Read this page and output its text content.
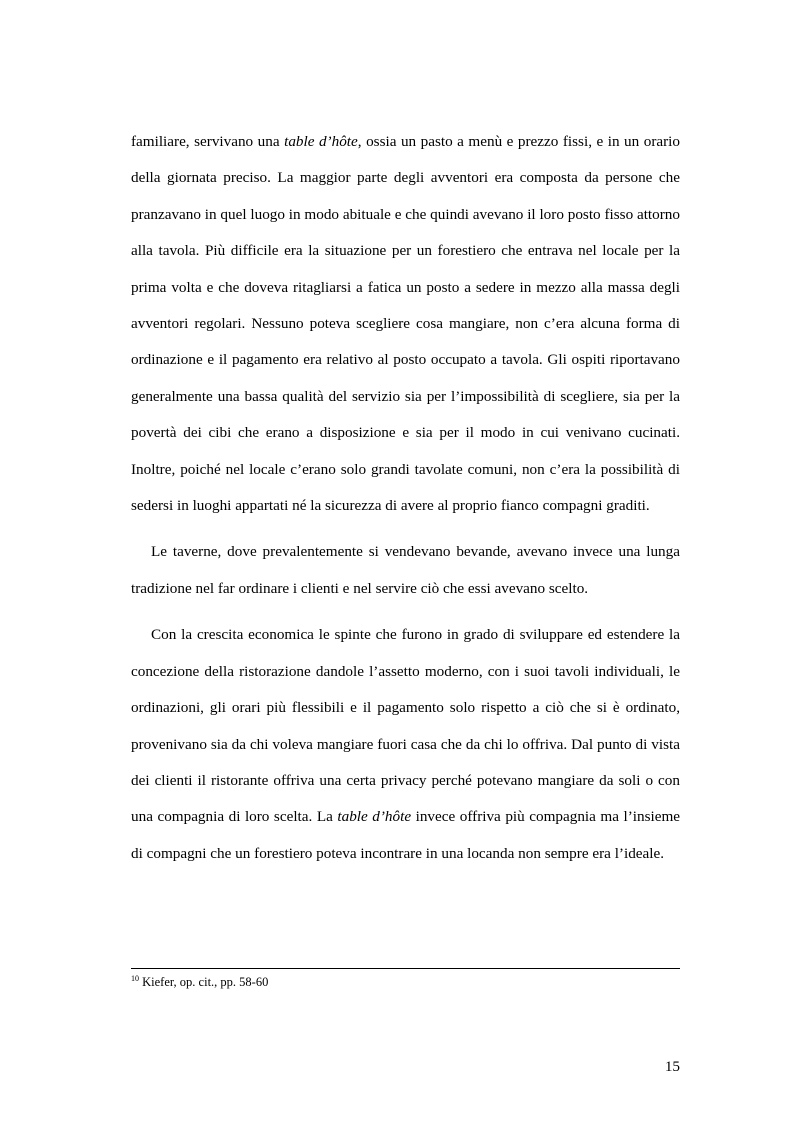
familiare, servivano una table d’hôte, ossia un pasto a menù e prezzo fissi, e in un orario della giornata preciso. La maggior parte degli avventori era composta da persone che pranzavano in quel luogo in modo abituale e che quindi avevano il loro posto fisso attorno alla tavola. Più difficile era la situazione per un forestiero che entrava nel locale per la prima volta e che doveva ritagliarsi a fatica un posto a sedere in mezzo alla massa degli avventori regolari. Nessuno poteva scegliere cosa mangiare, non c’era alcuna forma di ordinazione e il pagamento era relativo al posto occupato a tavola. Gli ospiti riportavano generalmente una bassa qualità del servizio sia per l’impossibilità di scegliere, sia per la povertà dei cibi che erano a disposizione e sia per il modo in cui venivano cucinati. Inoltre, poiché nel locale c’erano solo grandi tavolate comuni, non c’era la possibilità di sedersi in luoghi appartati né la sicurezza di avere al proprio fianco compagni graditi.

Le taverne, dove prevalentemente si vendevano bevande, avevano invece una lunga tradizione nel far ordinare i clienti e nel servire ciò che essi avevano scelto.

Con la crescita economica le spinte che furono in grado di sviluppare ed estendere la concezione della ristorazione dandole l’assetto moderno, con i suoi tavoli individuali, le ordinazioni, gli orari più flessibili e il pagamento solo rispetto a ciò che si è ordinato, provenivano sia da chi voleva mangiare fuori casa che da chi lo offriva. Dal punto di vista dei clienti il ristorante offriva una certa privacy perché potevano mangiare da soli o con una compagnia di loro scelta. La table d’hôte invece offriva più compagnia ma l’insieme di compagni che un forestiero poteva incontrare in una locanda non sempre era l’ideale.

$^{10}$ Kiefer, op. cit., pp. 58-60
15
